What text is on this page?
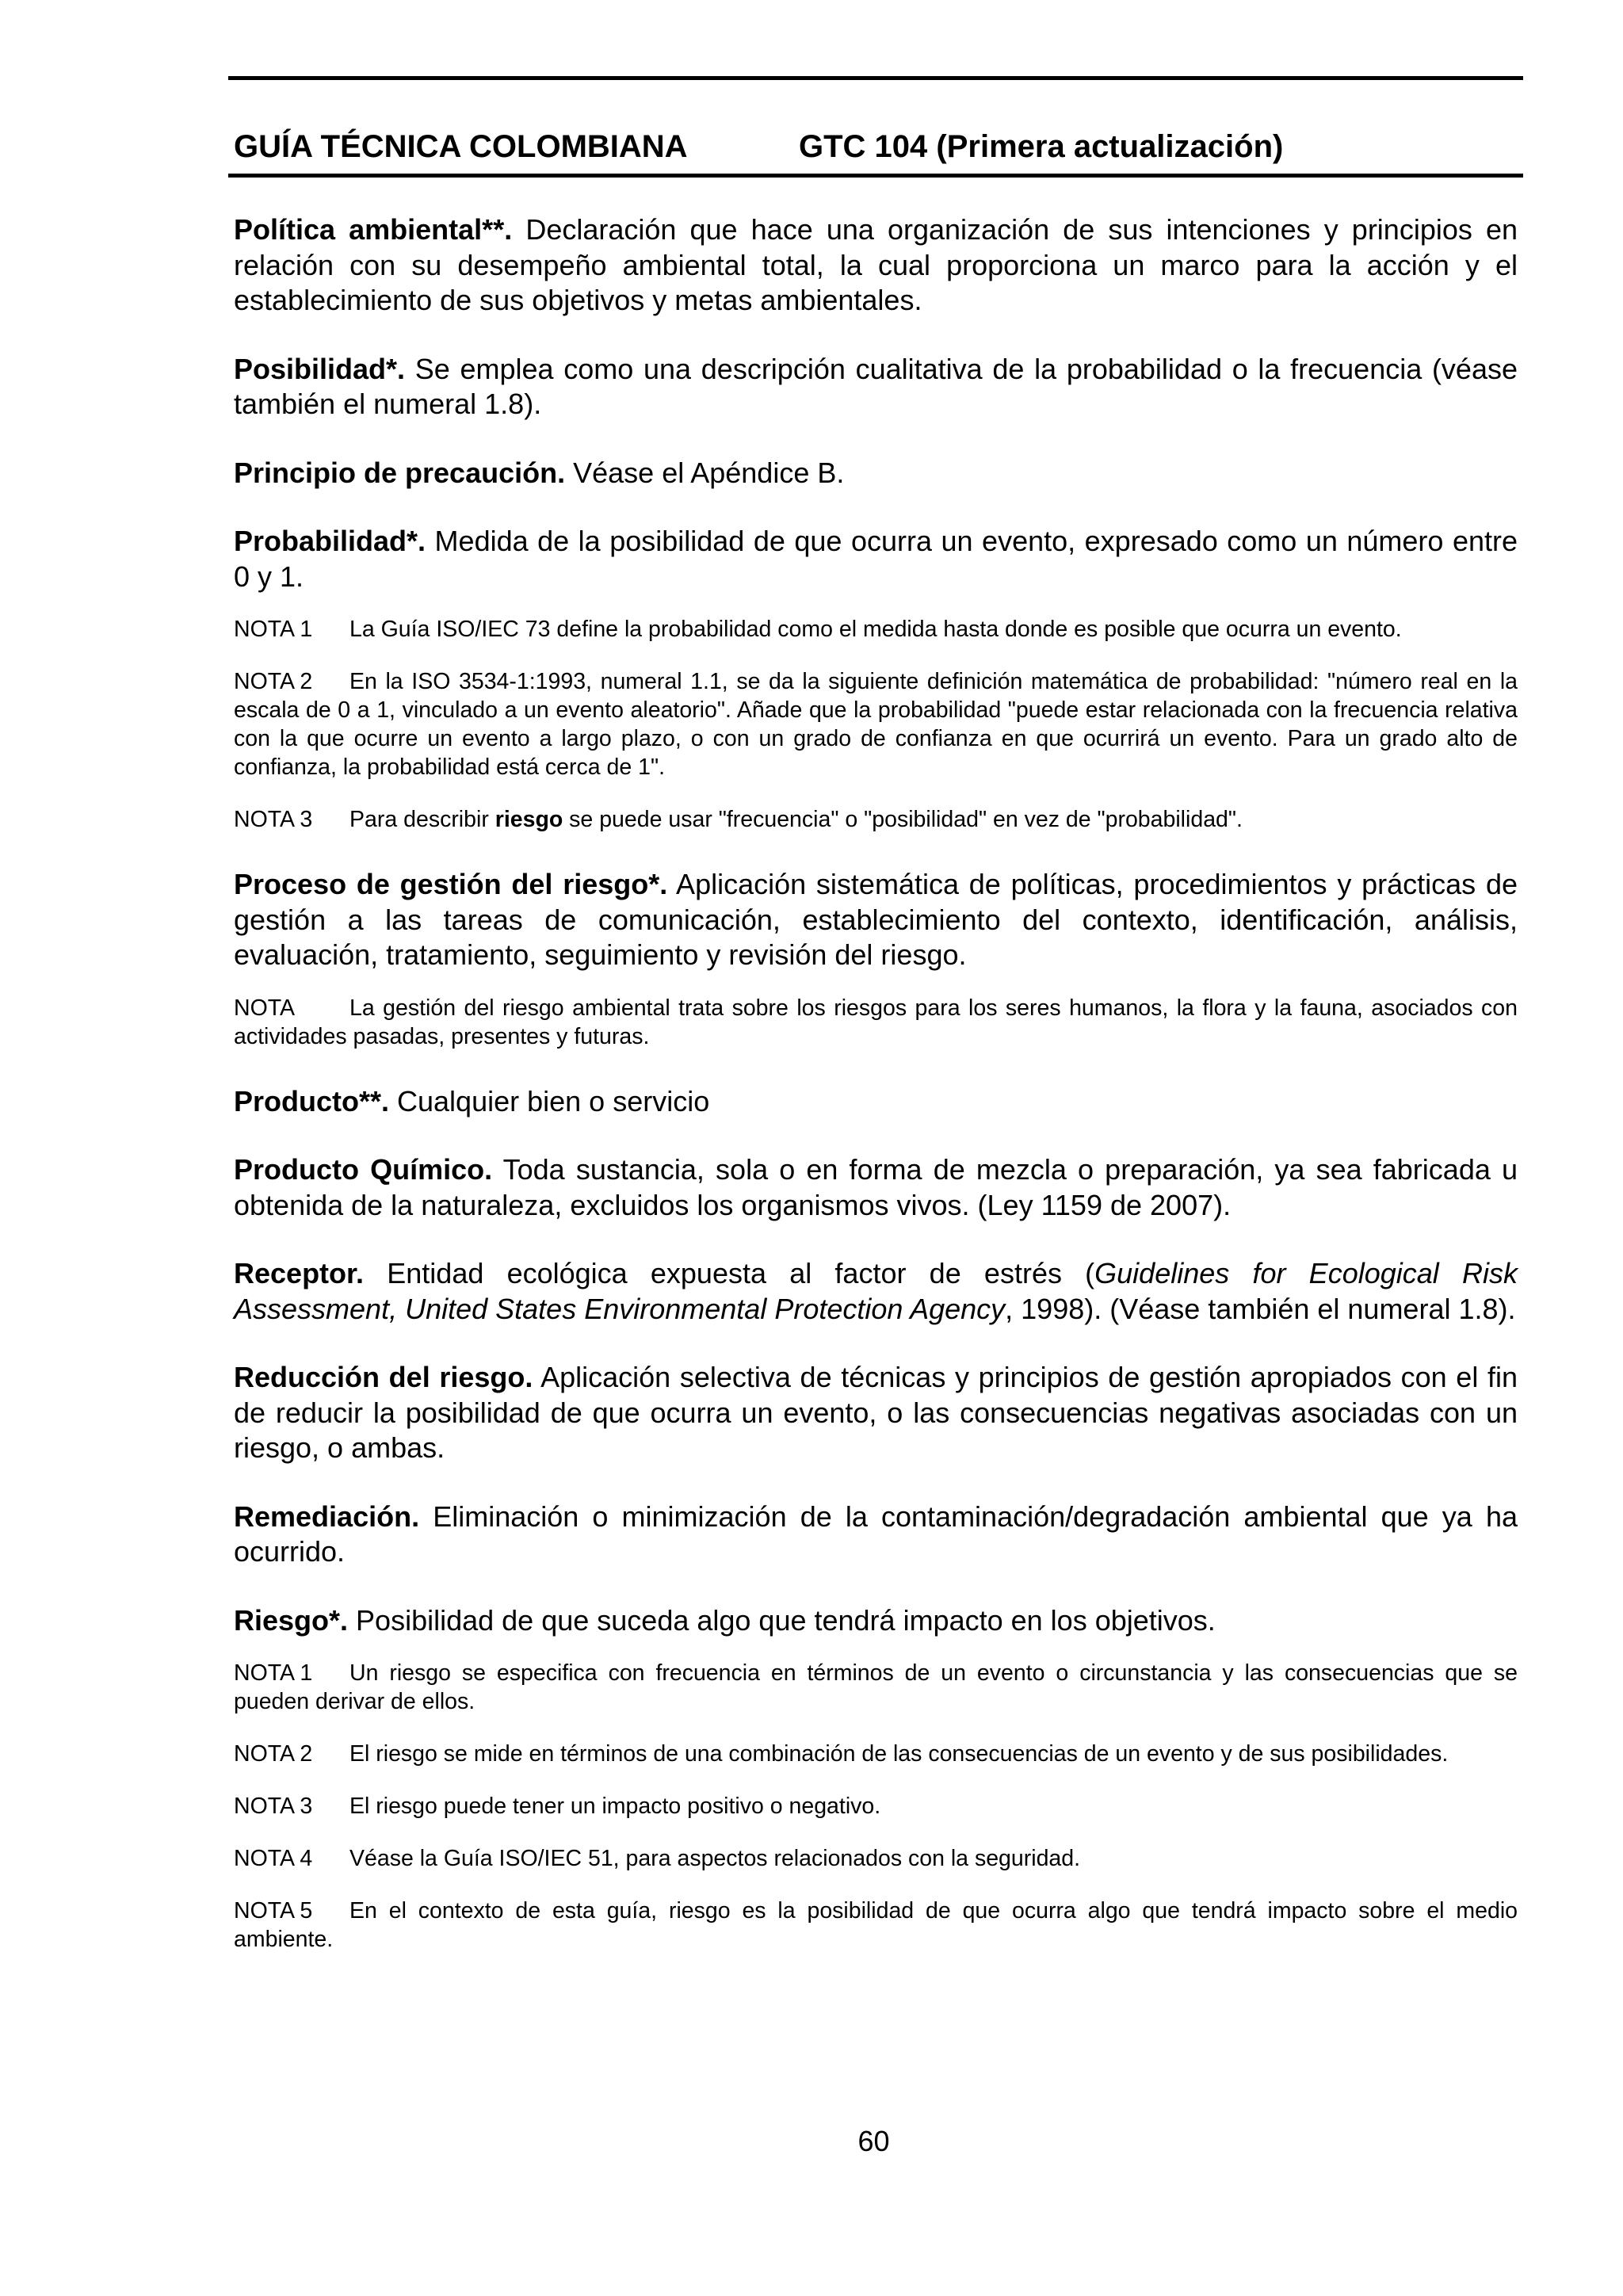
GUÍA TÉCNICA COLOMBIANA	GTC 104 (Primera actualización)

Política ambiental**. Declaración que hace una organización de sus intenciones y principios en relación con su desempeño ambiental total, la cual proporciona un marco para la acción y el establecimiento de sus objetivos y metas ambientales.

Posibilidad*. Se emplea como una descripción cualitativa de la probabilidad o la frecuencia (véase también el numeral 1.8).

Principio de precaución. Véase el Apéndice B.

Probabilidad*. Medida de la posibilidad de que ocurra un evento, expresado como un número entre 0 y 1.

NOTA 1 La Guía ISO/IEC 73 define la probabilidad como el medida hasta donde es posible que ocurra un evento.

NOTA 2 En la ISO 3534-1:1993, numeral 1.1, se da la siguiente definición matemática de probabilidad: "número real en la escala de 0 a 1, vinculado a un evento aleatorio". Añade que la probabilidad "puede estar relacionada con la frecuencia relativa con la que ocurre un evento a largo plazo, o con un grado de confianza en que ocurrirá un evento. Para un grado alto de confianza, la probabilidad está cerca de 1".

NOTA 3 Para describir riesgo se puede usar "frecuencia" o "posibilidad" en vez de "probabilidad".

Proceso de gestión del riesgo*. Aplicación sistemática de políticas, procedimientos y prácticas de gestión a las tareas de comunicación, establecimiento del contexto, identificación, análisis, evaluación, tratamiento, seguimiento y revisión del riesgo.

NOTA La gestión del riesgo ambiental trata sobre los riesgos para los seres humanos, la flora y la fauna, asociados con actividades pasadas, presentes y futuras.

Producto**. Cualquier bien o servicio

Producto Químico. Toda sustancia, sola o en forma de mezcla o preparación, ya sea fabricada u obtenida de la naturaleza, excluidos los organismos vivos. (Ley 1159 de 2007).

Receptor. Entidad ecológica expuesta al factor de estrés (Guidelines for Ecological Risk Assessment, United States Environmental Protection Agency, 1998). (Véase también el numeral 1.8).

Reducción del riesgo. Aplicación selectiva de técnicas y principios de gestión apropiados con el fin de reducir la posibilidad de que ocurra un evento, o las consecuencias negativas asociadas con un riesgo, o ambas.

Remediación. Eliminación o minimización de la contaminación/degradación ambiental que ya ha ocurrido.

Riesgo*. Posibilidad de que suceda algo que tendrá impacto en los objetivos.

NOTA 1 Un riesgo se especifica con frecuencia en términos de un evento o circunstancia y las consecuencias que se pueden derivar de ellos.

NOTA 2 El riesgo se mide en términos de una combinación de las consecuencias de un evento y de sus posibilidades.

NOTA 3 El riesgo puede tener un impacto positivo o negativo.

NOTA 4 Véase la Guía ISO/IEC 51, para aspectos relacionados con la seguridad.

NOTA 5 En el contexto de esta guía, riesgo es la posibilidad de que ocurra algo que tendrá impacto sobre el medio ambiente.

60
